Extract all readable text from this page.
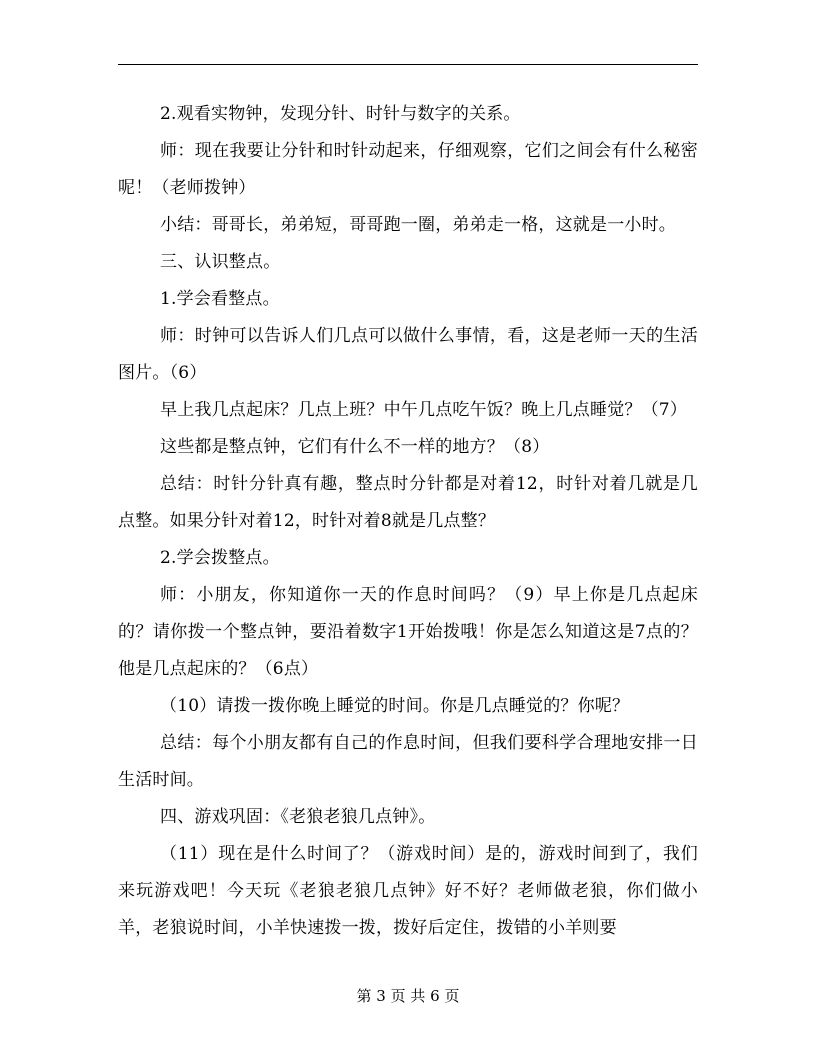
2.观看实物钟，发现分针、时针与数字的关系。

师：现在我要让分针和时针动起来，仔细观察，它们之间会有什么秘密呢！（老师拨钟）

小结：哥哥长，弟弟短，哥哥跑一圈，弟弟走一格，这就是一小时。

三、认识整点。

1.学会看整点。

师：时钟可以告诉人们几点可以做什么事情，看，这是老师一天的生活图片。（6）

早上我几点起床？几点上班？中午几点吃午饭？晚上几点睡觉？（7）

这些都是整点钟，它们有什么不一样的地方？（8）

总结：时针分针真有趣，整点时分针都是对着12，时针对着几就是几点整。如果分针对着12，时针对着8就是几点整？

2.学会拨整点。

师：小朋友，你知道你一天的作息时间吗？（9）早上你是几点起床的？请你拨一个整点钟，要沿着数字1开始拨哦！你是怎么知道这是7点的？他是几点起床的？（6点）

（10）请拨一拨你晚上睡觉的时间。你是几点睡觉的？你呢？

总结：每个小朋友都有自己的作息时间，但我们要科学合理地安排一日生活时间。

四、游戏巩固：《老狼老狼几点钟》。

（11）现在是什么时间了？（游戏时间）是的，游戏时间到了，我们来玩游戏吧！今天玩《老狼老狼几点钟》好不好？老师做老狼，你们做小羊，老狼说时间，小羊快速拨一拨，拨好后定住，拨错的小羊则要

第 3 页 共 6 页
